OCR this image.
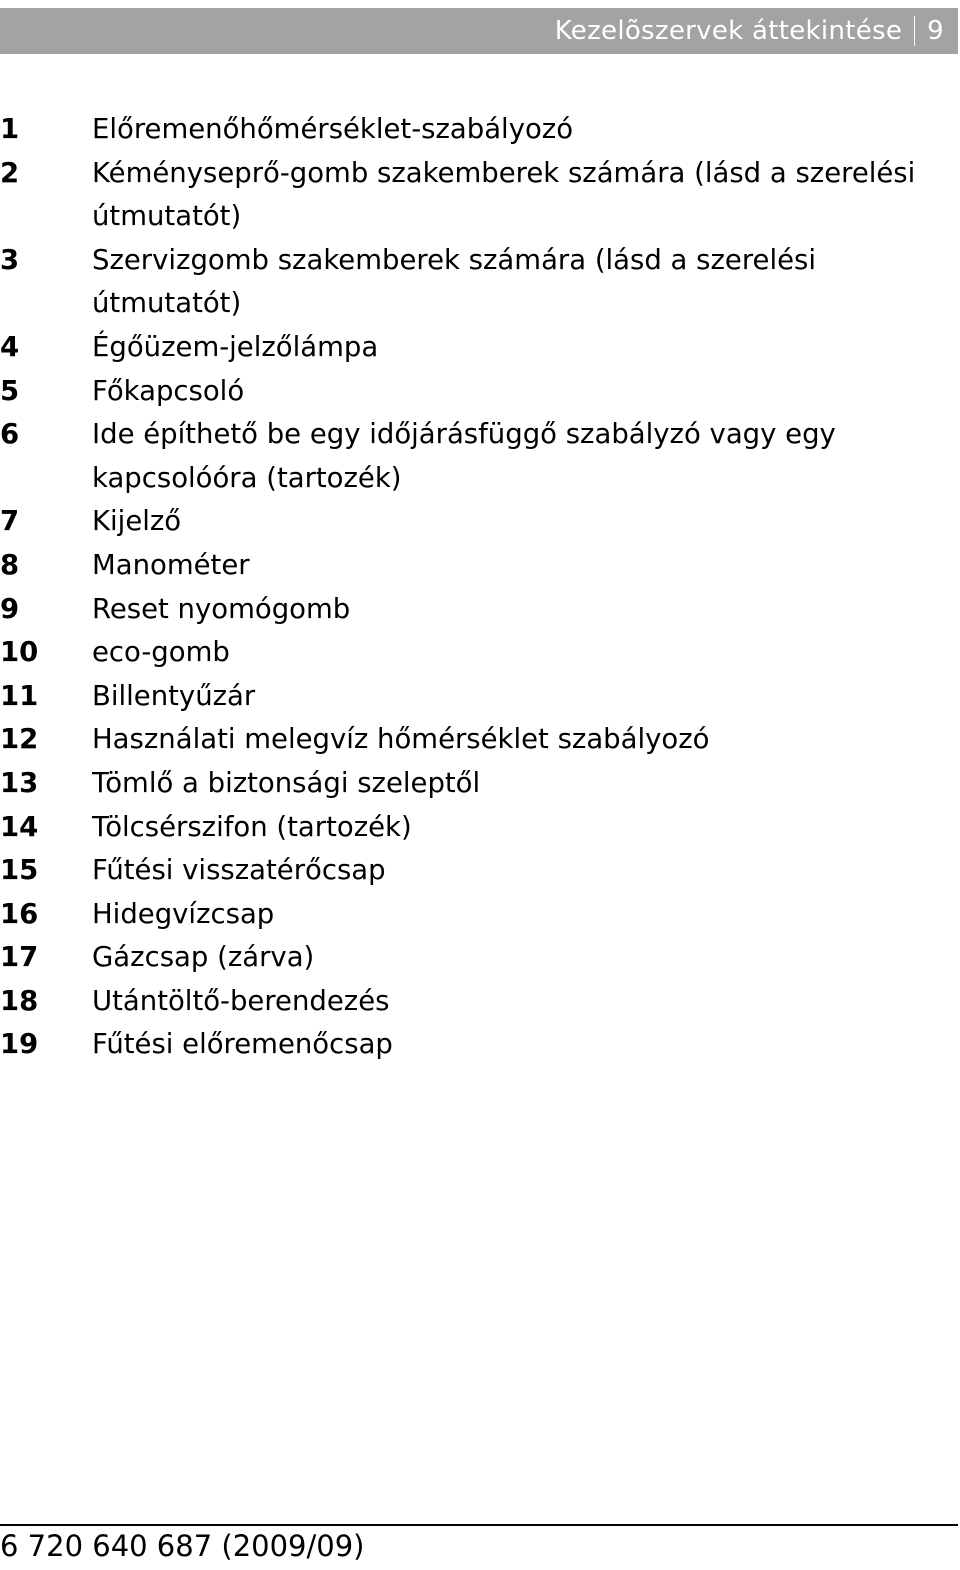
Kezelõszervek áttekintése 9
1	Előremenőhőmérséklet-szabályozó
2	Kéményseprő-gomb szakemberek számára (lásd a szerelési útmutatót)
3	Szervizgomb szakemberek számára (lásd a szerelési útmutatót)
4	Égőüzem-jelzőlámpa
5	Főkapcsoló
6	Ide építhető be egy időjárásfüggő szabályzó vagy egy kapcsolóóra (tartozék)
7	Kijelző
8	Manométer
9	Reset nyomógomb
10	eco-gomb
11	Billentyűzár
12	Használati melegvíz hőmérséklet szabályozó
13	Tömlő a biztonsági szeleptől
14	Tölcsérszifon (tartozék)
15	Fűtési visszatérőcsap
16	Hidegvízcsap
17	Gázcsap (zárva)
18	Utántöltő-berendezés
19	Fűtési előremenőcsap
6 720 640 687 (2009/09)
